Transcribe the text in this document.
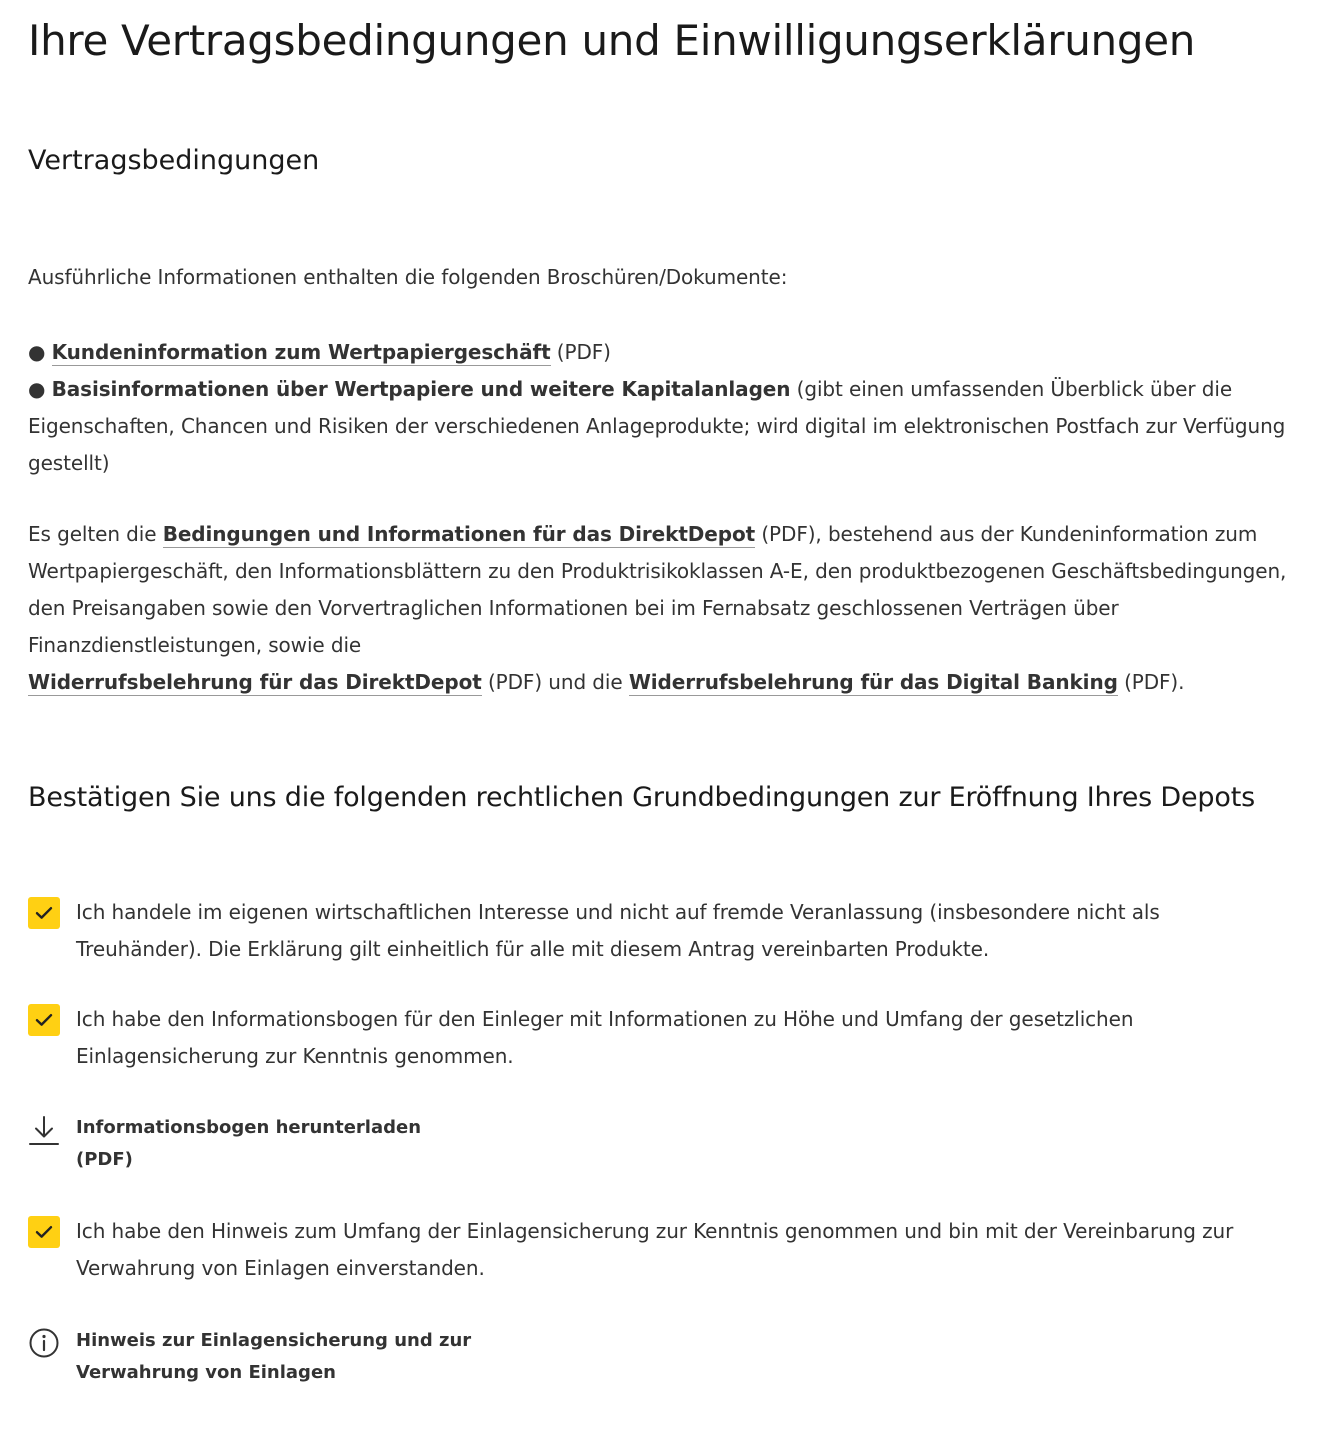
Ihre Vertragsbedingungen und Einwilligungserklärungen
Vertragsbedingungen

Ausführliche Informationen enthalten die folgenden Broschüren/Dokumente:

● Kundeninformation zum Wertpapiergeschäft (PDF)
● Basisinformationen über Wertpapiere und weitere Kapitalanlagen (gibt einen umfassenden Überblick über die Eigenschaften, Chancen und Risiken der verschiedenen Anlageprodukte; wird digital im elektronischen Postfach zur Verfügung gestellt)

Es gelten die Bedingungen und Informationen für das DirektDepot (PDF), bestehend aus der Kundeninformation zum Wertpapiergeschäft, den Informationsblättern zu den Produktrisikoklassen A-E, den produktbezogenen Geschäftsbedingungen, den Preisangaben sowie den Vorvertraglichen Informationen bei im Fernabsatz geschlossenen Verträgen über Finanzdienstleistungen, sowie die
Widerrufsbelehrung für das DirektDepot (PDF) und die Widerrufsbelehrung für das Digital Banking (PDF).

Bestätigen Sie uns die folgenden rechtlichen Grundbedingungen zur Eröffnung Ihres Depots
Ich handele im eigenen wirtschaftlichen Interesse und nicht auf fremde Veranlassung (insbesondere nicht als Treuhänder). Die Erklärung gilt einheitlich für alle mit diesem Antrag vereinbarten Produkte.
Ich habe den Informationsbogen für den Einleger mit Informationen zu Höhe und Umfang der gesetzlichen Einlagensicherung zur Kenntnis genommen.
Informationsbogen herunterladen
(PDF)
Ich habe den Hinweis zum Umfang der Einlagensicherung zur Kenntnis genommen und bin mit der Vereinbarung zur Verwahrung von Einlagen einverstanden.
Hinweis zur Einlagensicherung und zur
Verwahrung von Einlagen
